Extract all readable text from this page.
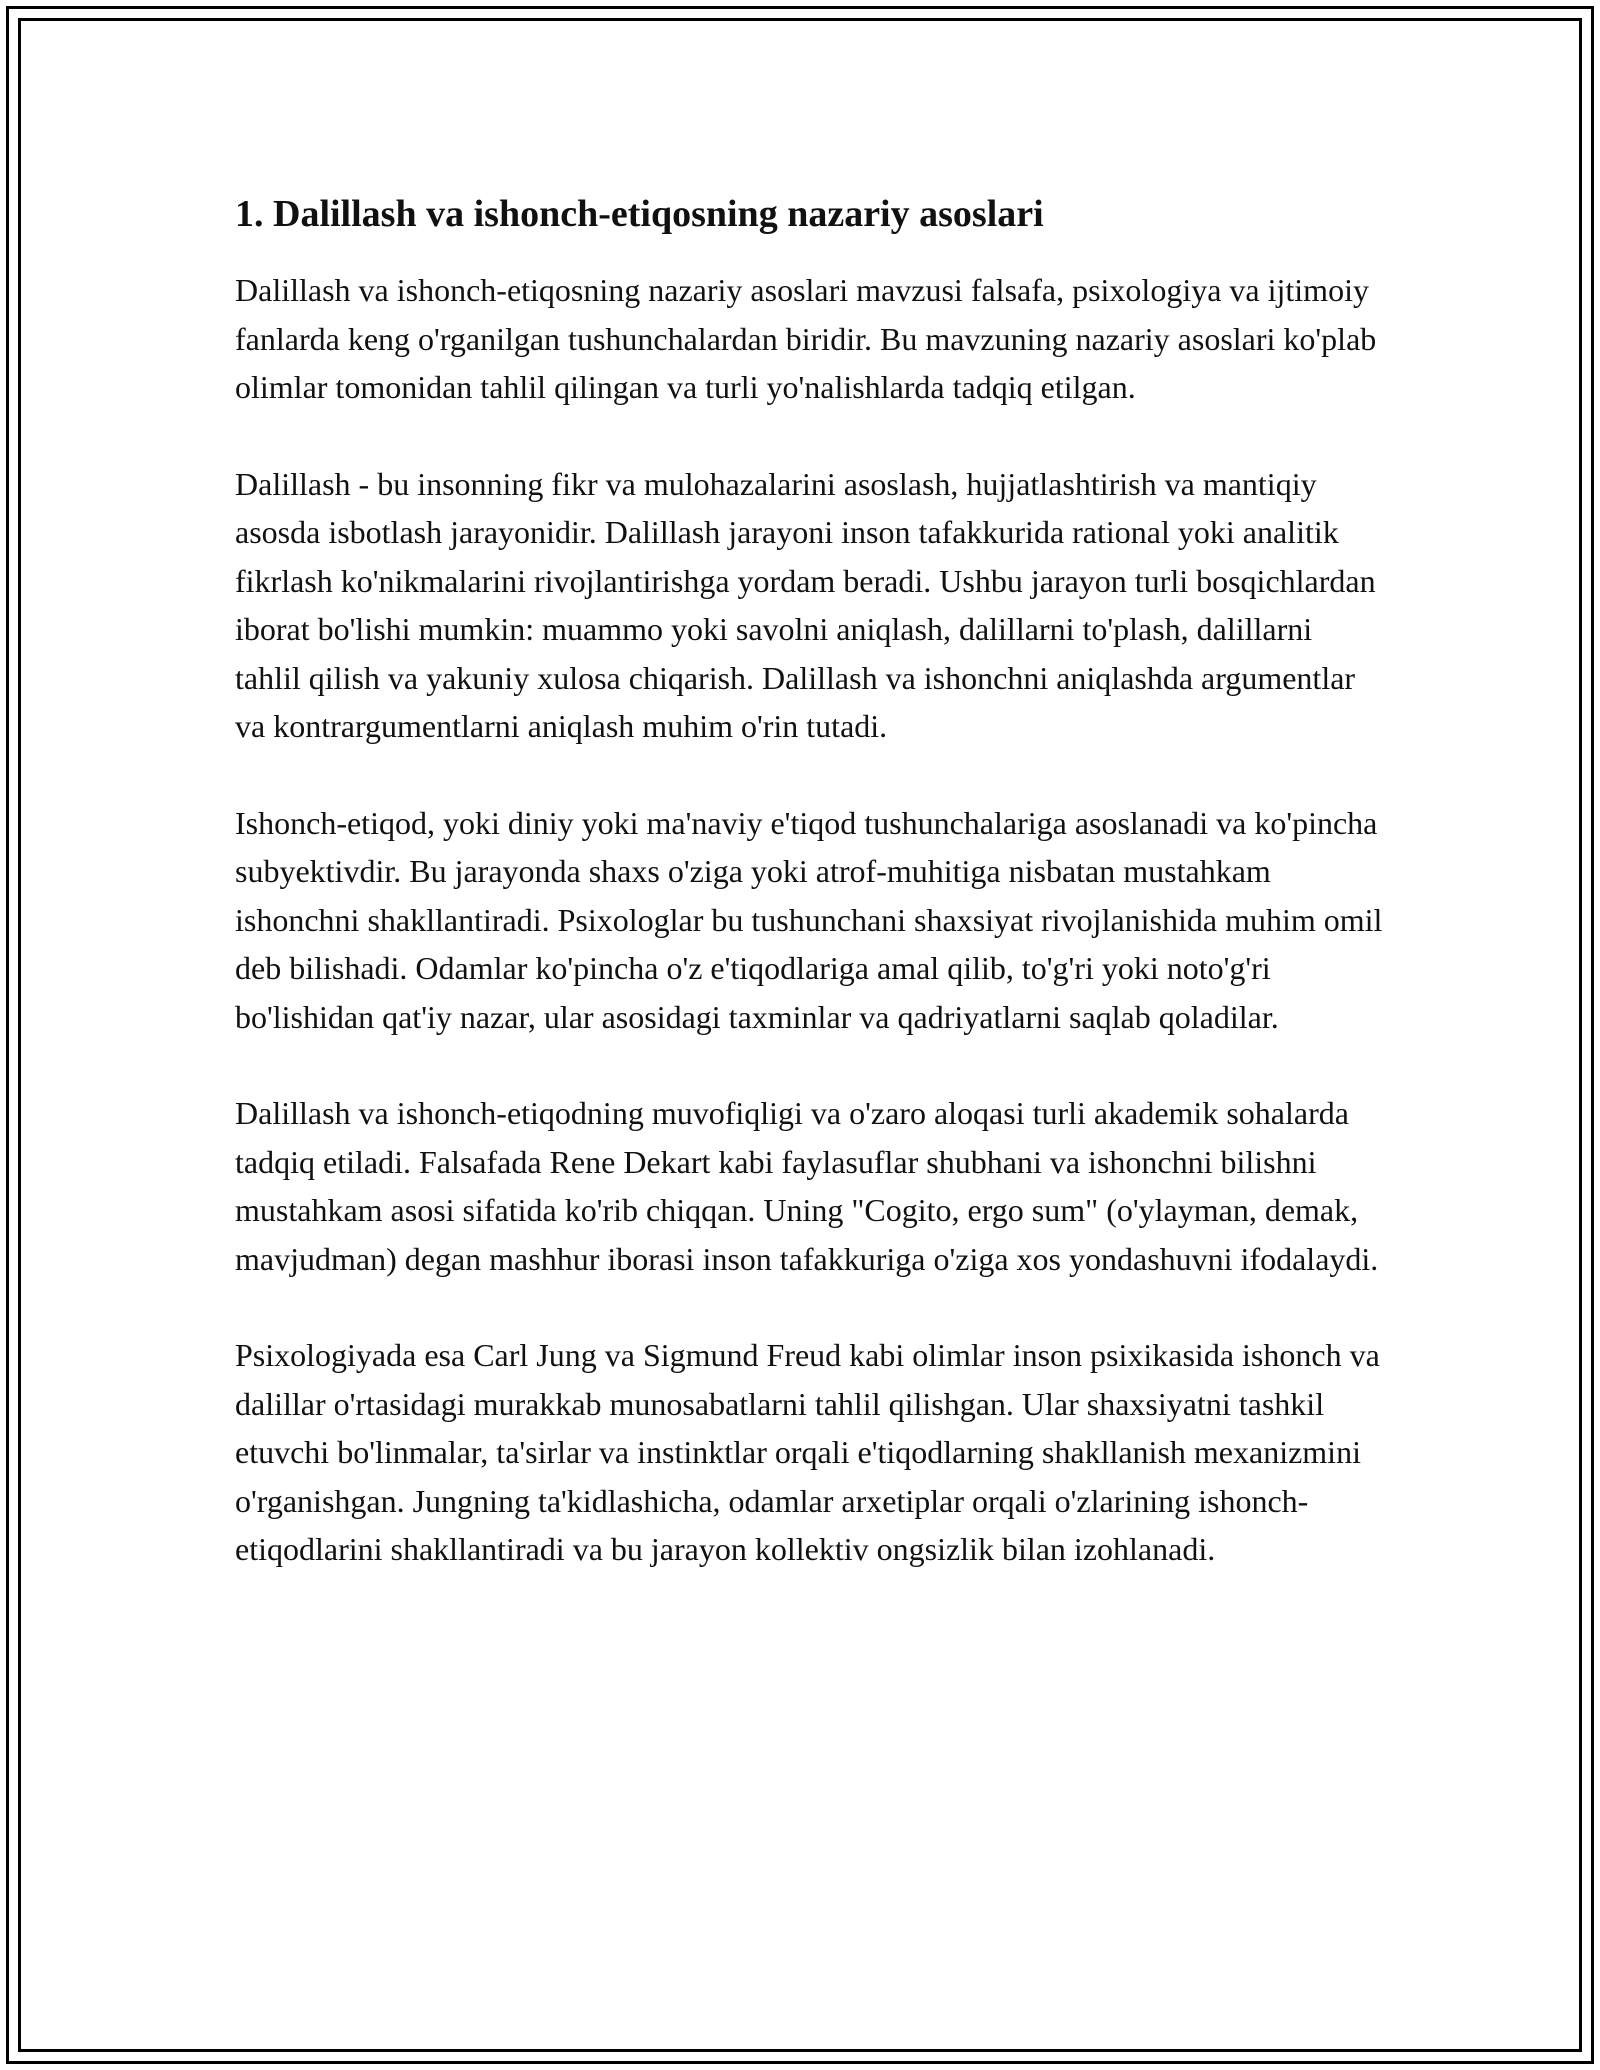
1. Dalillash va ishonch-etiqosning nazariy asoslari

Dalillash va ishonch-etiqosning nazariy asoslari mavzusi falsafa, psixologiya va ijtimoiy fanlarda keng o'rganilgan tushunchalardan biridir. Bu mavzuning nazariy asoslari ko'plab olimlar tomonidan tahlil qilingan va turli yo'nalishlarda tadqiq etilgan.

Dalillash - bu insonning fikr va mulohazalarini asoslash, hujjatlashtirish va mantiqiy asosda isbotlash jarayonidir. Dalillash jarayoni inson tafakkurida rational yoki analitik fikrlash ko'nikmalarini rivojlantirishga yordam beradi. Ushbu jarayon turli bosqichlardan iborat bo'lishi mumkin: muammo yoki savolni aniqlash, dalillarni to'plash, dalillarni tahlil qilish va yakuniy xulosa chiqarish. Dalillash va ishonchni aniqlashda argumentlar va kontrargumentlarni aniqlash muhim o'rin tutadi.

Ishonch-etiqod, yoki diniy yoki ma'naviy e'tiqod tushunchalariga asoslanadi va ko'pincha subyektivdir. Bu jarayonda shaxs o'ziga yoki atrof-muhitiga nisbatan mustahkam ishonchni shakllantiradi. Psixologlar bu tushunchani shaxsiyat rivojlanishida muhim omil deb bilishadi. Odamlar ko'pincha o'z e'tiqodlariga amal qilib, to'g'ri yoki noto'g'ri bo'lishidan qat'iy nazar, ular asosidagi taxminlar va qadriyatlarni saqlab qoladilar.

Dalillash va ishonch-etiqodning muvofiqligi va o'zaro aloqasi turli akademik sohalarda tadqiq etiladi. Falsafada Rene Dekart kabi faylasuflar shubhani va ishonchni bilishni mustahkam asosi sifatida ko'rib chiqqan. Uning "Cogito, ergo sum" (o'ylayman, demak, mavjudman) degan mashhur iborasi inson tafakkuriga o'ziga xos yondashuvni ifodalaydi.

Psixologiyada esa Carl Jung va Sigmund Freud kabi olimlar inson psixikasida ishonch va dalillar o'rtasidagi murakkab munosabatlarni tahlil qilishgan. Ular shaxsiyatni tashkil etuvchi bo'linmalar, ta'sirlar va instinktlar orqali e'tiqodlarning shakllanish mexanizmini o'rganishgan. Jungning ta'kidlashicha, odamlar arxetiplar orqali o'zlarining ishonch-etiqodlarini shakllantiradi va bu jarayon kollektiv ongsizlik bilan izohlanadi.
